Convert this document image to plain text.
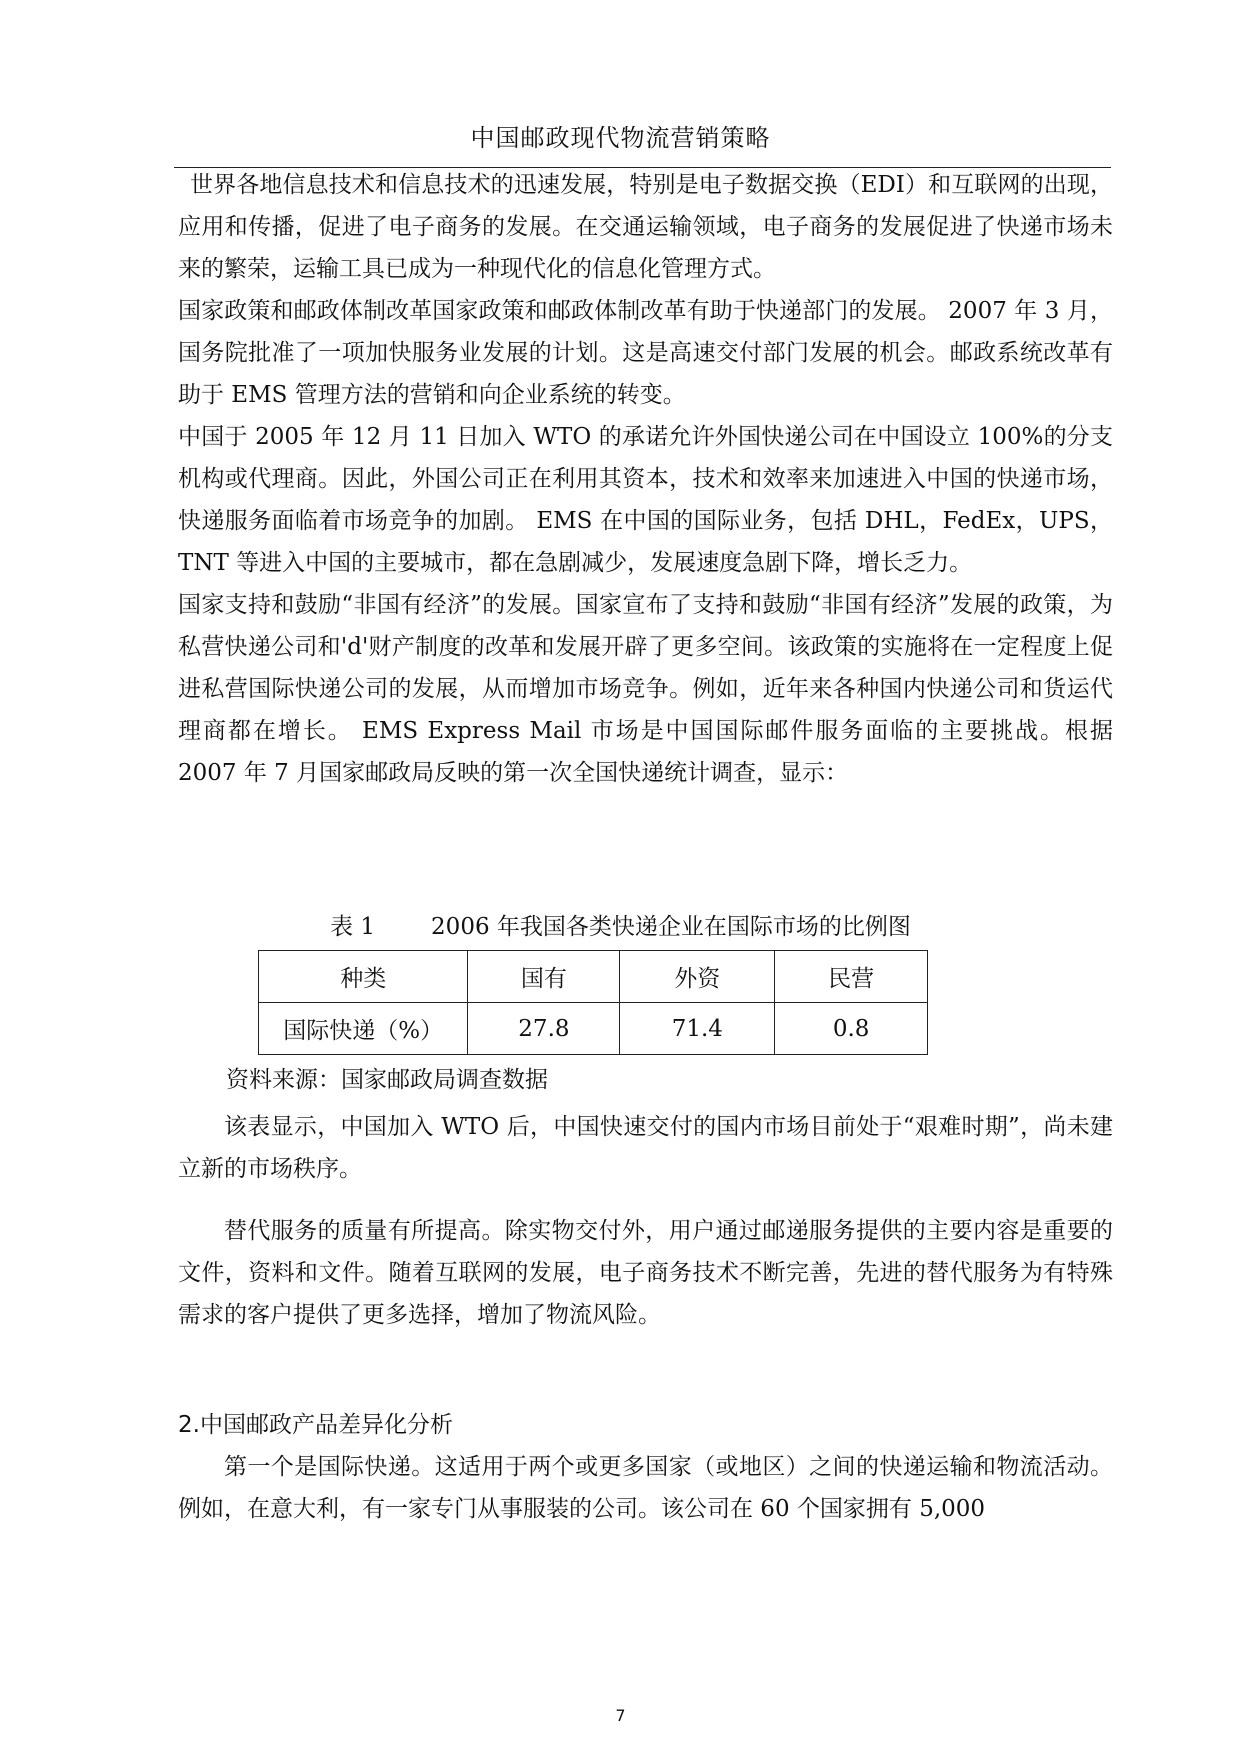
中国邮政现代物流营销策略

世界各地信息技术和信息技术的迅速发展，特别是电子数据交换（EDI）和互联网的出现，应用和传播，促进了电子商务的发展。在交通运输领域，电子商务的发展促进了快递市场未来的繁荣，运输工具已成为一种现代化的信息化管理方式。

国家政策和邮政体制改革国家政策和邮政体制改革有助于快递部门的发展。 2007 年 3 月，国务院批准了一项加快服务业发展的计划。这是高速交付部门发展的机会。邮政系统改革有助于 EMS 管理方法的营销和向企业系统的转变。

中国于 2005 年 12 月 11 日加入 WTO 的承诺允许外国快递公司在中国设立 100%的分支机构或代理商。因此，外国公司正在利用其资本，技术和效率来加速进入中国的快递市场，快递服务面临着市场竞争的加剧。 EMS 在中国的国际业务，包括 DHL，FedEx，UPS，TNT 等进入中国的主要城市，都在急剧减少，发展速度急剧下降，增长乏力。

国家支持和鼓励“非国有经济”的发展。国家宣布了支持和鼓励“非国有经济”发展的政策，为私营快递公司和'd'财产制度的改革和发展开辟了更多空间。该政策的实施将在一定程度上促进私营国际快递公司的发展，从而增加市场竞争。例如，近年来各种国内快递公司和货运代理商都在增长。 EMS Express Mail 市场是中国国际邮件服务面临的主要挑战。根据 2007 年 7 月国家邮政局反映的第一次全国快递统计调查，显示：

表 1 2006 年我国各类快递企业在国际市场的比例图
种类	国有	外资	民营
国际快递（%）	27.8	71.4	0.8
资料来源：国家邮政局调查数据

该表显示，中国加入 WTO 后，中国快速交付的国内市场目前处于“艰难时期”，尚未建立新的市场秩序。

替代服务的质量有所提高。除实物交付外，用户通过邮递服务提供的主要内容是重要的文件，资料和文件。随着互联网的发展，电子商务技术不断完善，先进的替代服务为有特殊需求的客户提供了更多选择，增加了物流风险。

2.中国邮政产品差异化分析

第一个是国际快递。这适用于两个或更多国家（或地区）之间的快递运输和物流活动。例如，在意大利，有一家专门从事服装的公司。该公司在 60 个国家拥有 5,000

7
